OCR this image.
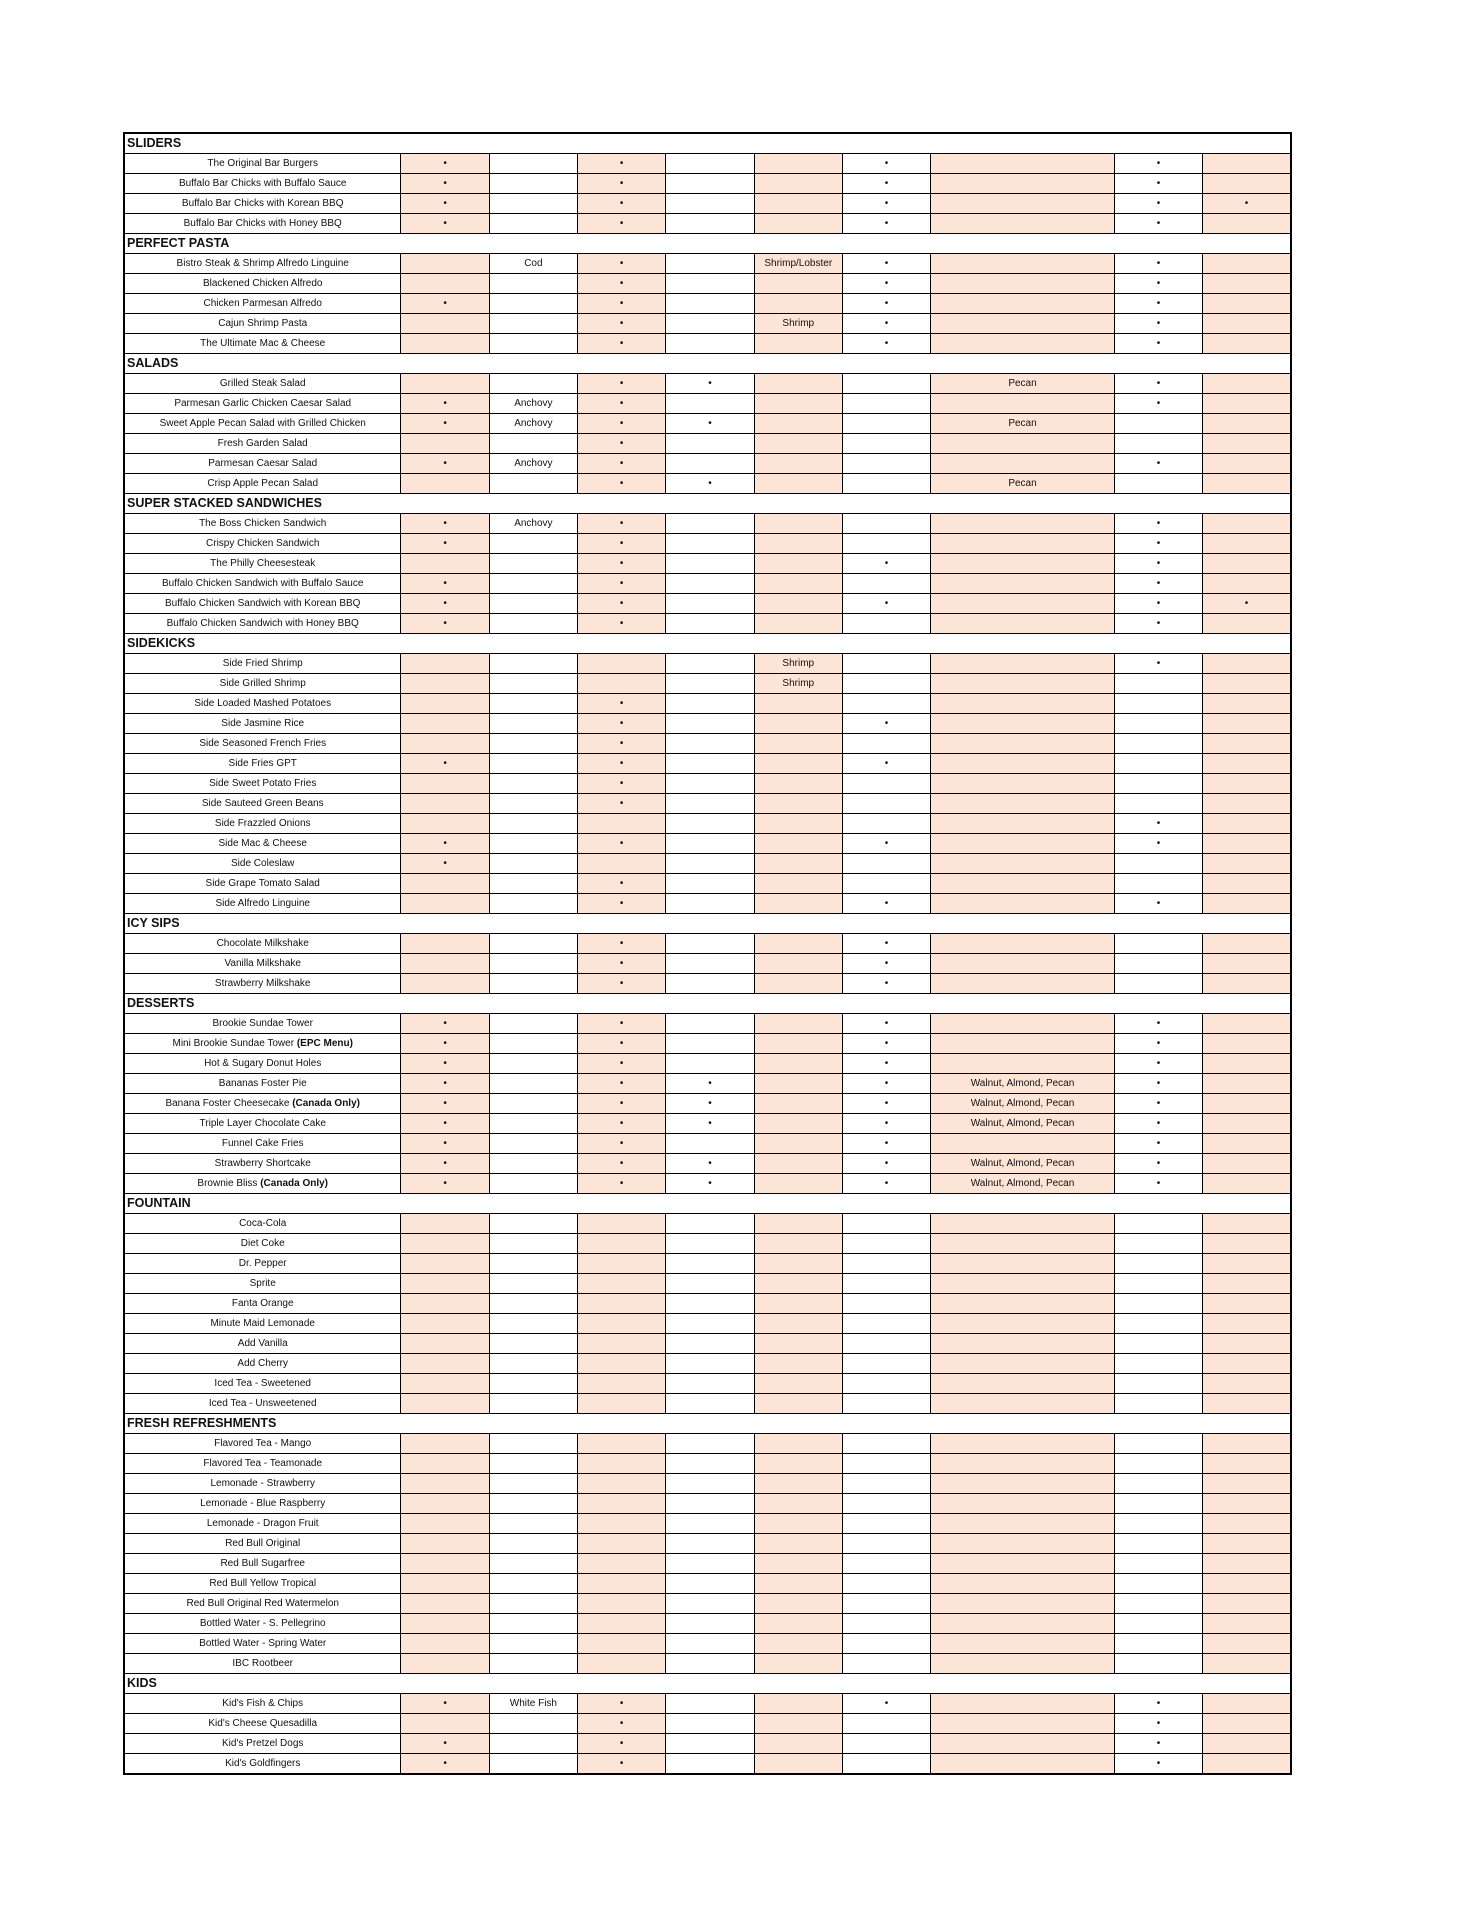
SLIDERS									
The Original Bar Burgers	•		•			•		•	
Buffalo Bar Chicks with Buffalo Sauce	•		•			•		•	
Buffalo Bar Chicks with Korean BBQ	•		•			•		•	•
Buffalo Bar Chicks with Honey BBQ	•		•			•		•	
PERFECT PASTA									
Bistro Steak & Shrimp Alfredo Linguine		Cod	•		Shrimp/Lobster	•		•	
Blackened Chicken Alfredo			•			•		•	
Chicken Parmesan Alfredo	•		•			•		•	
Cajun Shrimp Pasta			•		Shrimp	•		•	
The Ultimate Mac & Cheese			•			•		•	
SALADS									
Grilled Steak Salad			•	•			Pecan	•	
Parmesan Garlic Chicken Caesar Salad	•	Anchovy	•					•	
Sweet Apple Pecan Salad with Grilled Chicken	•	Anchovy	•	•			Pecan		
Fresh Garden Salad			•						
Parmesan Caesar Salad	•	Anchovy	•					•	
Crisp Apple Pecan Salad			•	•			Pecan		
SUPER STACKED SANDWICHES									
The Boss Chicken Sandwich	•	Anchovy	•					•	
Crispy Chicken Sandwich	•		•					•	
The Philly Cheesesteak			•			•		•	
Buffalo Chicken Sandwich with Buffalo Sauce	•		•					•	
Buffalo Chicken Sandwich with Korean BBQ	•		•			•		•	•
Buffalo Chicken Sandwich with Honey BBQ	•		•					•	
SIDEKICKS									
Side Fried Shrimp					Shrimp			•	
Side Grilled Shrimp					Shrimp				
Side Loaded Mashed Potatoes			•						
Side Jasmine Rice			•			•			
Side Seasoned French Fries			•						
Side Fries GPT	•		•			•			
Side Sweet Potato Fries			•						
Side Sauteed Green Beans			•						
Side Frazzled Onions								•	
Side Mac & Cheese	•		•			•		•	
Side Coleslaw	•								
Side Grape Tomato Salad			•						
Side Alfredo Linguine			•			•		•	
ICY SIPS									
Chocolate Milkshake			•			•			
Vanilla Milkshake			•			•			
Strawberry Milkshake			•			•			
DESSERTS									
Brookie Sundae Tower	•		•			•		•	
Mini Brookie Sundae Tower (EPC Menu)	•		•			•		•	
Hot & Sugary Donut Holes	•		•			•		•	
Bananas Foster Pie	•		•	•		•	Walnut, Almond, Pecan	•	
Banana Foster Cheesecake (Canada Only)	•		•	•		•	Walnut, Almond, Pecan	•	
Triple Layer Chocolate Cake	•		•	•		•	Walnut, Almond, Pecan	•	
Funnel Cake Fries	•		•			•		•	
Strawberry Shortcake	•		•	•		•	Walnut, Almond, Pecan	•	
Brownie Bliss (Canada Only)	•		•	•		•	Walnut, Almond, Pecan	•	
FOUNTAIN									
Coca-Cola									
Diet Coke									
Dr. Pepper									
Sprite									
Fanta Orange									
Minute Maid Lemonade									
Add Vanilla									
Add Cherry									
Iced Tea - Sweetened									
Iced Tea - Unsweetened									
FRESH REFRESHMENTS									
Flavored Tea - Mango									
Flavored Tea - Teamonade									
Lemonade - Strawberry									
Lemonade - Blue Raspberry									
Lemonade - Dragon Fruit									
Red Bull Original									
Red Bull Sugarfree									
Red Bull Yellow Tropical									
Red Bull Original Red Watermelon									
Bottled Water - S. Pellegrino									
Bottled Water - Spring Water									
IBC Rootbeer									
KIDS									
Kid's Fish & Chips	•	White Fish	•			•		•	
Kid's Cheese Quesadilla			•					•	
Kid's Pretzel Dogs	•		•					•	
Kid's Goldfingers	•		•					•	
